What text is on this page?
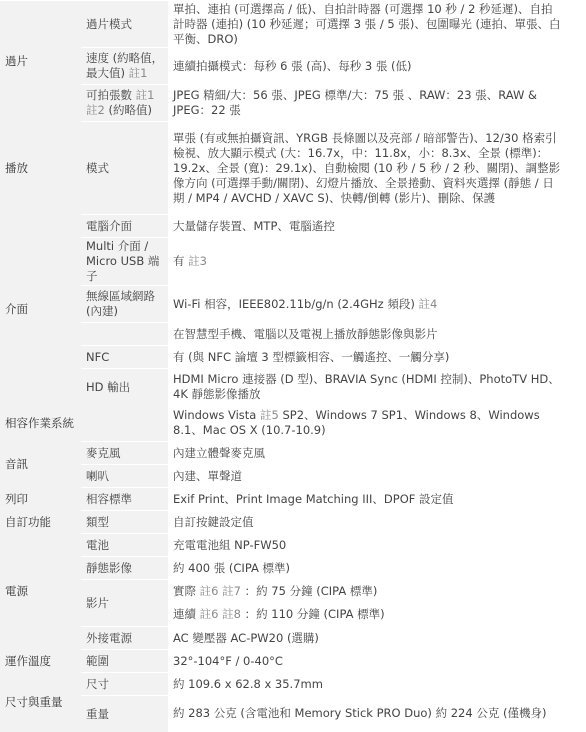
過片	過片模式	單拍、連拍 (可選擇高 / 低)、自拍計時器 (可選擇 10 秒 / 2 秒延遲)、自拍計時器 (連拍) (10 秒延遲；可選擇 3 張 / 5 張)、包圍曝光 (連拍、單張、白平衡、DRO)
	速度 (約略值，最大值) 註1	連續拍攝模式：每秒 6 張 (高)、每秒 3 張 (低)
	可拍張數 註1 註2 (約略值)	JPEG 精細/大：56 張、JPEG 標準/大：75 張 、RAW：23 張、RAW & JPEG：22 張
播放	模式	單張 (有或無拍攝資訊、YRGB 長條圖以及亮部 / 暗部警告)、12/30 格索引檢視、放大顯示模式 (大：16.7x，中：11.8x，小：8.3x、全景 (標準)：19.2x、全景 (寬)：29.1x)、自動檢閱 (10 秒 / 5 秒 / 2 秒、關閉)、調整影像方向 (可選擇手動/關閉)、幻燈片播放、全景捲動、資料夾選擇 (靜態 / 日期 / MP4 / AVCHD / XAVC S)、快轉/倒轉 (影片)、刪除、保護
介面	電腦介面	大量儲存裝置、MTP、電腦遙控
	Multi 介面 / Micro USB 端子	有 註3
	無線區域網路 (內建)	Wi-Fi 相容，IEEE802.11b/g/n (2.4GHz 頻段) 註4
		在智慧型手機、電腦以及電視上播放靜態影像與影片
	NFC	有 (與 NFC 論壇 3 型標籤相容、一觸遙控、一觸分享)
	HD 輸出	HDMI Micro 連接器 (D 型)、BRAVIA Sync (HDMI 控制)、PhotoTV HD、4K 靜態影像播放
相容作業系統		Windows Vista 註5 SP2、Windows 7 SP1、Windows 8、Windows 8.1、Mac OS X (10.7-10.9)
音訊	麥克風	內建立體聲麥克風
	喇叭	內建、單聲道
列印	相容標準	Exif Print、Print Image Matching III、DPOF 設定值
自訂功能	類型	自訂按鍵設定值
電源	電池	充電電池組 NP-FW50
	靜態影像	約 400 張 (CIPA 標準)
	影片	實際 註6 註7 ：約 75 分鐘 (CIPA 標準)
連續 註6 註8 ：約 110 分鐘 (CIPA 標準)

	外接電源	AC 變壓器 AC-PW20 (選購)
運作溫度	範圍	32°-104°F / 0-40°C
尺寸與重量	尺寸	約 109.6 x 62.8 x 35.7mm
	重量	約 283 公克 (含電池和 Memory Stick PRO Duo) 約 224 公克 (僅機身)
